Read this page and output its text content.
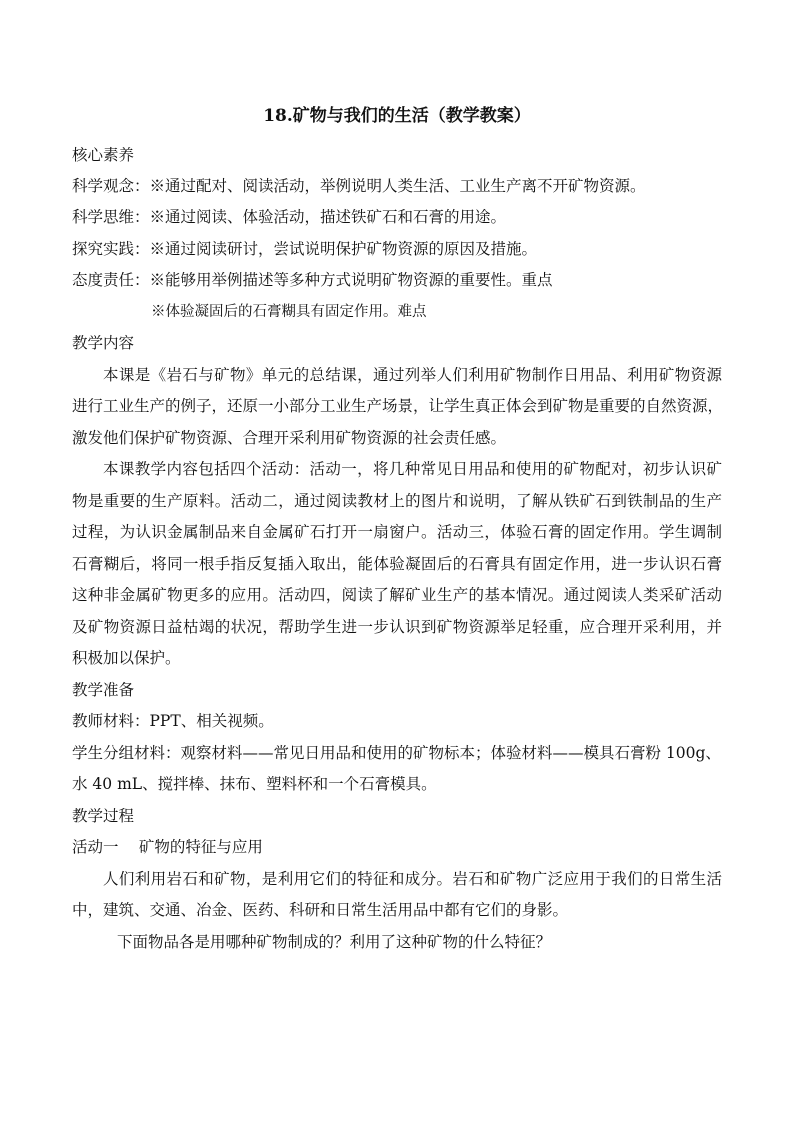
18.矿物与我们的生活（教学教案）
核心素养
科学观念：※通过配对、阅读活动，举例说明人类生活、工业生产离不开矿物资源。
科学思维：※通过阅读、体验活动，描述铁矿石和石膏的用途。
探究实践：※通过阅读研讨，尝试说明保护矿物资源的原因及措施。
态度责任：※能够用举例描述等多种方式说明矿物资源的重要性。重点
※体验凝固后的石膏糊具有固定作用。难点
教学内容
本课是《岩石与矿物》单元的总结课，通过列举人们利用矿物制作日用品、利用矿物资源
进行工业生产的例子，还原一小部分工业生产场景，让学生真正体会到矿物是重要的自然资源，
激发他们保护矿物资源、合理开采利用矿物资源的社会责任感。
本课教学内容包括四个活动：活动一，将几种常见日用品和使用的矿物配对，初步认识矿
物是重要的生产原料。活动二，通过阅读教材上的图片和说明，了解从铁矿石到铁制品的生产
过程，为认识金属制品来自金属矿石打开一扇窗户。活动三，体验石膏的固定作用。学生调制
石膏糊后，将同一根手指反复插入取出，能体验凝固后的石膏具有固定作用，进一步认识石膏
这种非金属矿物更多的应用。活动四，阅读了解矿业生产的基本情况。通过阅读人类采矿活动
及矿物资源日益枯竭的状况，帮助学生进一步认识到矿物资源举足轻重，应合理开采利用，并
积极加以保护。
教学准备
教师材料：PPT、相关视频。
学生分组材料：观察材料——常见日用品和使用的矿物标本；体验材料——模具石膏粉 100g、
水 40 mL、搅拌棒、抹布、塑料杯和一个石膏模具。
教学过程
活动一　 矿物的特征与应用
人们利用岩石和矿物，是利用它们的特征和成分。岩石和矿物广泛应用于我们的日常生活
中，建筑、交通、冶金、医药、科研和日常生活用品中都有它们的身影。
下面物品各是用哪种矿物制成的？利用了这种矿物的什么特征？
